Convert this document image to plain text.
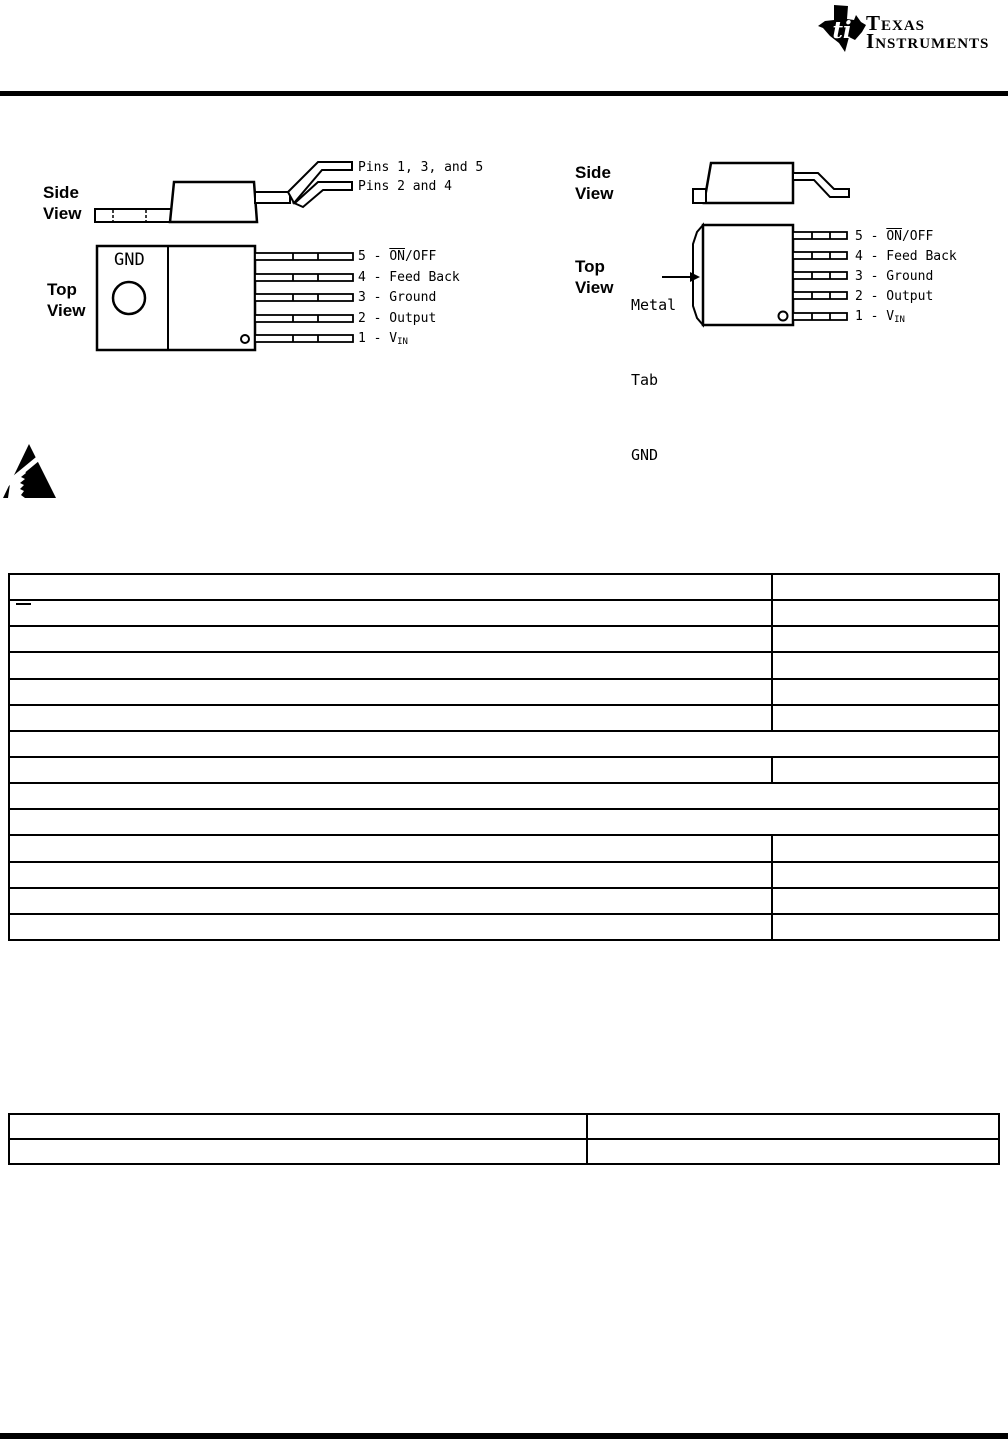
ti TEXAS
INSTRUMENTS
Side
View
Top
View
Pins 1, 3, and 5
Pins 2 and 4
GND	$5 - \overline{ON}$/OFF
4 - Feed Back
3 - Ground
2 - Output
1 - VIN
Side
View
Top
View

Metal

Tab

GND

$5 - \overline{ON}$/OFF
4 - Feed Back
3 - Ground
2 - Output
1 - VIN
